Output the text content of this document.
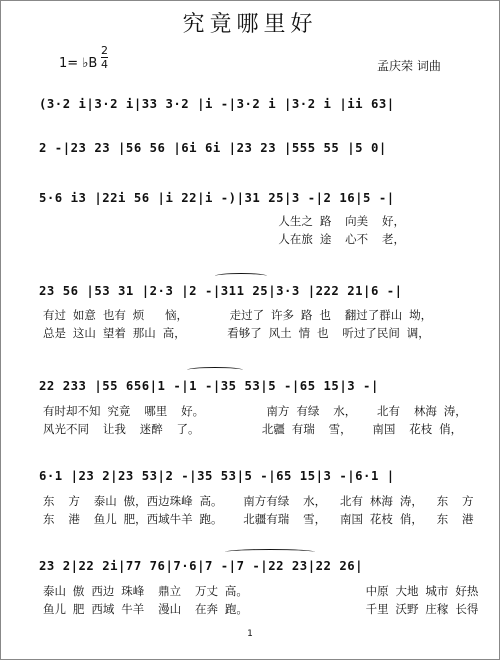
究竟哪里好
1= ♭B
2
4	孟庆荣 词曲
(3·2 i|3·2 i|33 3·2 |i -|3·2 i |3·2 i |ii 63|
2 -|23 23 |56 56 |6i 6i |23 23 |555 55 |5 0|
5·6 i3 |22i 56 |i 22|i -)|31 25|3 -|2 16|5 -|
人生之 路  向美  好，
人在旅 途  心不  老，
23 56 |53 31 |2·3 |2 -|311 25|3·3 |222 21|6 -|
有过 如意 也有 烦   恼，      走过了 许多 路 也  翻过了群山 坳，
总是 这山 望着 那山 高，      看够了 风土 情 也  听过了民间 调，
22 233 |55 656|1 -|1 -|35 53|5 -|65 15|3 -|
有时却不知 究竟  哪里  好。         南方 有绿  水，   北有  林海 涛，
风光不同  让我  迷醉  了。         北疆 有瑞  雪，   南国  花枝 俏，
6·1 |23 2|23 53|2 -|35 53|5 -|65 15|3 -|6·1 |
东  方  泰山 傲，西边珠峰 高。   南方有绿  水，  北有 林海 涛，  东  方
东  港  鱼儿 肥，西域牛羊 跑。   北疆有瑞  雪，  南国 花枝 俏，  东  港
23 2|22 2i|77 76|7·6|7 -|7 -|22 23|22 26|
泰山 傲 西边 珠峰  鼎立  万丈 高。                 中原 大地 城市 好热
鱼儿 肥 西域 牛羊  漫山  在奔 跑。                 千里 沃野 庄稼 长得
1
